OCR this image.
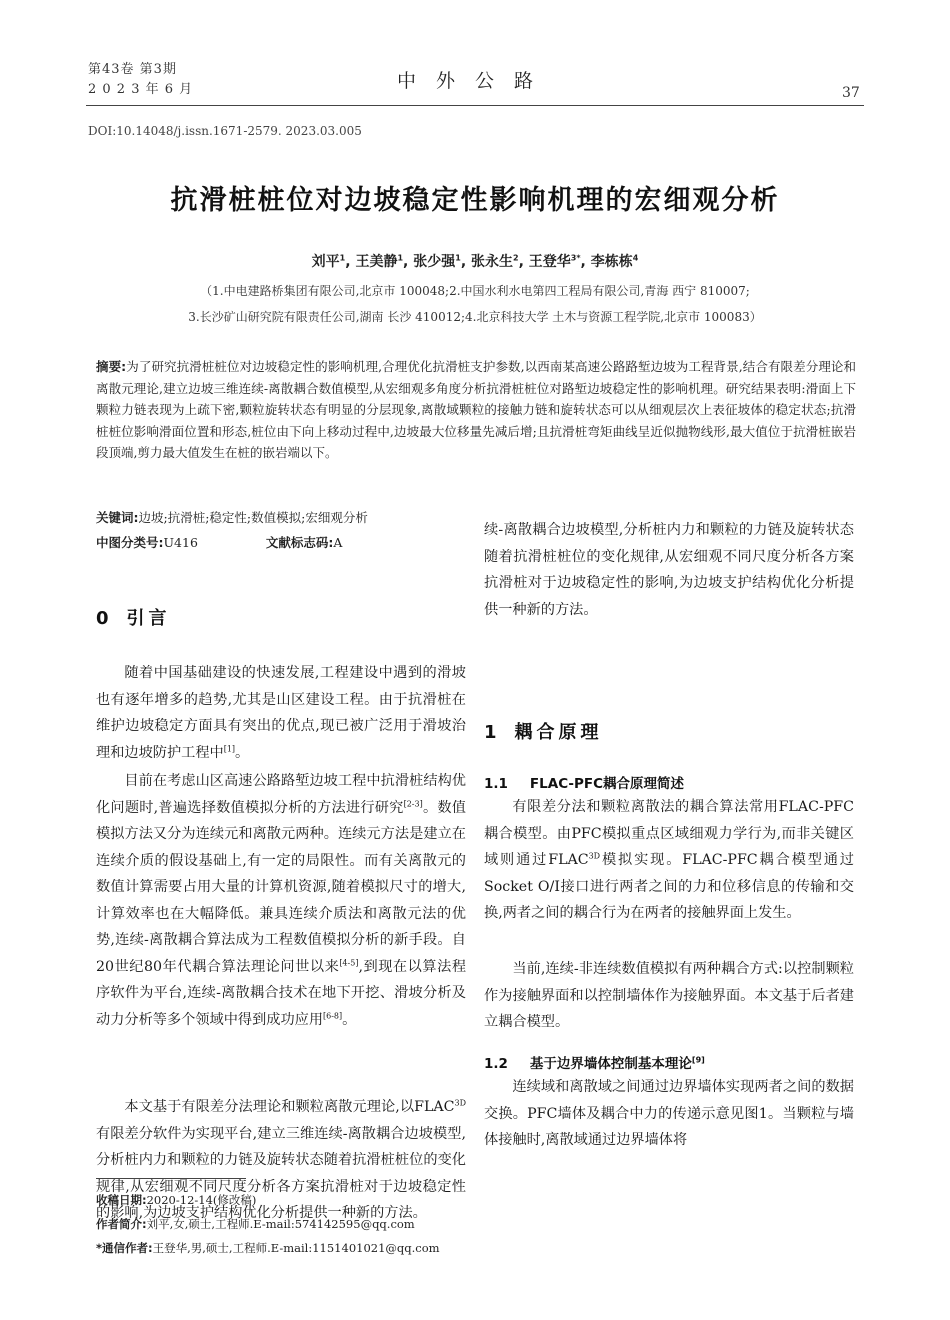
第43卷 第3期
2 0 2 3 年 6 月	中外公路
37
DOI:10.14048/j.issn.1671-2579. 2023.03.005
抗滑桩桩位对边坡稳定性影响机理的宏细观分析
刘平$^1$, 王美静$^1$, 张少强$^1$, 张永生$^2$, 王登华$^{3*}$, 李栋栋$^4$
（1.中电建路桥集团有限公司,北京市 100048;2.中国水利水电第四工程局有限公司,青海 西宁 810007;
3.长沙矿山研究院有限责任公司,湖南 长沙 410012;4.北京科技大学 土木与资源工程学院,北京市 100083）
摘要:为了研究抗滑桩桩位对边坡稳定性的影响机理,合理优化抗滑桩支护参数,以西南某高速公路路堑边坡为工程背景,结合有限差分理论和离散元理论,建立边坡三维连续-离散耦合数值模型,从宏细观多角度分析抗滑桩桩位对路堑边坡稳定性的影响机理。研究结果表明:滑面上下颗粒力链表现为上疏下密,颗粒旋转状态有明显的分层现象,离散域颗粒的接触力链和旋转状态可以从细观层次上表征坡体的稳定状态;抗滑桩桩位影响滑面位置和形态,桩位由下向上移动过程中,边坡最大位移量先减后增;且抗滑桩弯矩曲线呈近似抛物线形,最大值位于抗滑桩嵌岩段顶端,剪力最大值发生在桩的嵌岩端以下。
关键词:边坡;抗滑桩;稳定性;数值模拟;宏细观分析
中图分类号:U416	文献标志码:A
0 引言

随着中国基础建设的快速发展,工程建设中遇到的滑坡也有逐年增多的趋势,尤其是山区建设工程。由于抗滑桩在维护边坡稳定方面具有突出的优点,现已被广泛用于滑坡治理和边坡防护工程中[1]。

目前在考虑山区高速公路路堑边坡工程中抗滑桩结构优化问题时,普遍选择数值模拟分析的方法进行研究[2-3]。数值模拟方法又分为连续元和离散元两种。连续元方法是建立在连续介质的假设基础上,有一定的局限性。而有关离散元的数值计算需要占用大量的计算机资源,随着模拟尺寸的增大,计算效率也在大幅降低。兼具连续介质法和离散元法的优势,连续-离散耦合算法成为工程数值模拟分析的新手段。自20世纪80年代耦合算法理论问世以来[4-5],到现在以算法程序软件为平台,连续-离散耦合技术在地下开挖、滑坡分析及动力分析等多个领域中得到成功应用[6-8]。

本文基于有限差分法理论和颗粒离散元理论,以$FLAC^{3D}$有限差分软件为实现平台,建立三维连续-离散耦合边坡模型,分析桩内力和颗粒的力链及旋转状态随着抗滑桩桩位的变化规律,从宏细观不同尺度分析各方案抗滑桩对于边坡稳定性的影响,为边坡支护结构优化分析提供一种新的方法。

续-离散耦合边坡模型,分析桩内力和颗粒的力链及旋转状态随着抗滑桩桩位的变化规律,从宏细观不同尺度分析各方案抗滑桩对于边坡稳定性的影响,为边坡支护结构优化分析提供一种新的方法。

1 耦合原理
1.1 FLAC-PFC耦合原理简述

有限差分法和颗粒离散法的耦合算法常用FLAC-PFC耦合模型。由PFC模拟重点区域细观力学行为,而非关键区域则通过$FLAC^{3D}$模拟实现。FLAC-PFC耦合模型通过Socket O/I接口进行两者之间的力和位移信息的传输和交换,两者之间的耦合行为在两者的接触界面上发生。

当前,连续-非连续数值模拟有两种耦合方式:以控制颗粒作为接触界面和以控制墙体作为接触界面。本文基于后者建立耦合模型。

1.2 基于边界墙体控制基本理论[9]

连续域和离散域之间通过边界墙体实现两者之间的数据交换。PFC墙体及耦合中力的传递示意见图1。当颗粒与墙体接触时,离散域通过边界墙体将

收稿日期:2020-12-14(修改稿)
作者简介:刘平,女,硕士,工程师.E-mail:574142595@qq.com
*通信作者:王登华,男,硕士,工程师.E-mail:1151401021@qq.com
